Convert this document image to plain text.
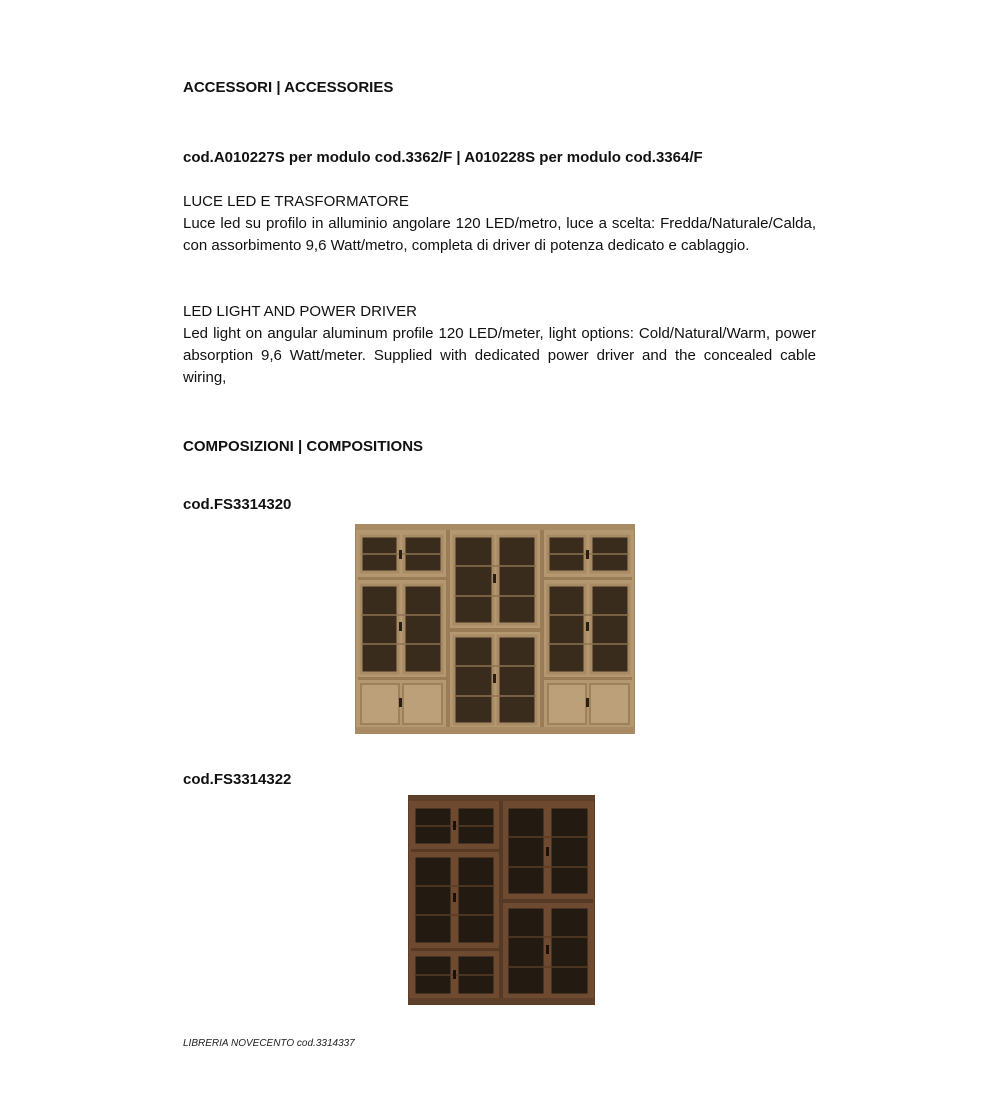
ACCESSORI | ACCESSORIES
cod.A010227S per modulo cod.3362/F | A010228S per modulo cod.3364/F

LUCE LED E TRASFORMATORE

Luce led su profilo in alluminio angolare 120 LED/metro, luce a scelta: Fredda/Naturale/Calda, con assorbimento 9,6 Watt/metro, completa di driver di potenza dedicato e cablaggio.

LED LIGHT AND POWER DRIVER

Led light on angular aluminum profile 120 LED/meter, light options: Cold/Natural/Warm, power absorption 9,6 Watt/meter. Supplied with dedicated power driver and the concealed cable wiring,

COMPOSIZIONI | COMPOSITIONS
cod.FS3314320
cod.FS3314322
LIBRERIA NOVECENTO cod.3314337
